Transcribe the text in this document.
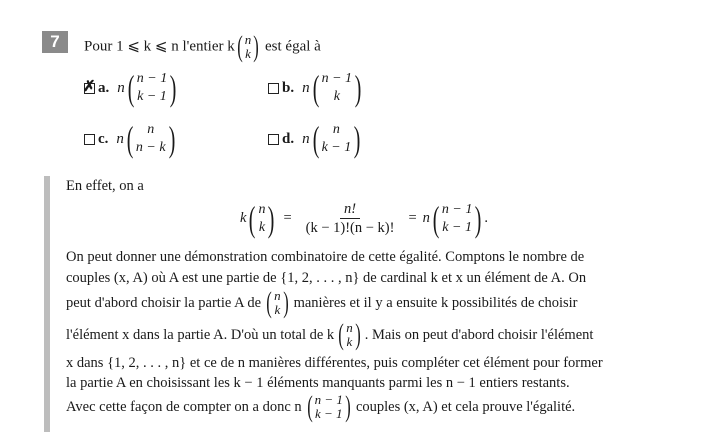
7	Pour 1 ⩽ k ⩽ n l'entier k ( n
k ) est égal à
✗
a. n ( n − 1
k − 1 )	b. n ( n − 1
k )
c. n ( n
n − k )	d. n ( n
k − 1 )
En effet, on a
k ( n
k ) = $\frac{n!}{(k - 1)!(n - k)!} = n$ ( n − 1
k − 1 ) .
On peut donner une démonstration combinatoire de cette égalité. Comptons le nombre de
couples (x, A) où A est une partie de {1, 2, . . . , n} de cardinal k et x un élément de A. On
peut d'abord choisir la partie A de ( n
k ) manières et il y a ensuite k possibilités de choisir
l'élément x dans la partie A. D'où un total de k ( n
k ) . Mais on peut d'abord choisir l'élément
x dans {1, 2, . . . , n} et ce de n manières différentes, puis compléter cet élément pour former
la partie A en choisissant les k − 1 éléments manquants parmi les n − 1 entiers restants.
Avec cette façon de compter on a donc n ( n − 1
k − 1 ) couples (x, A) et cela prouve l'égalité.
